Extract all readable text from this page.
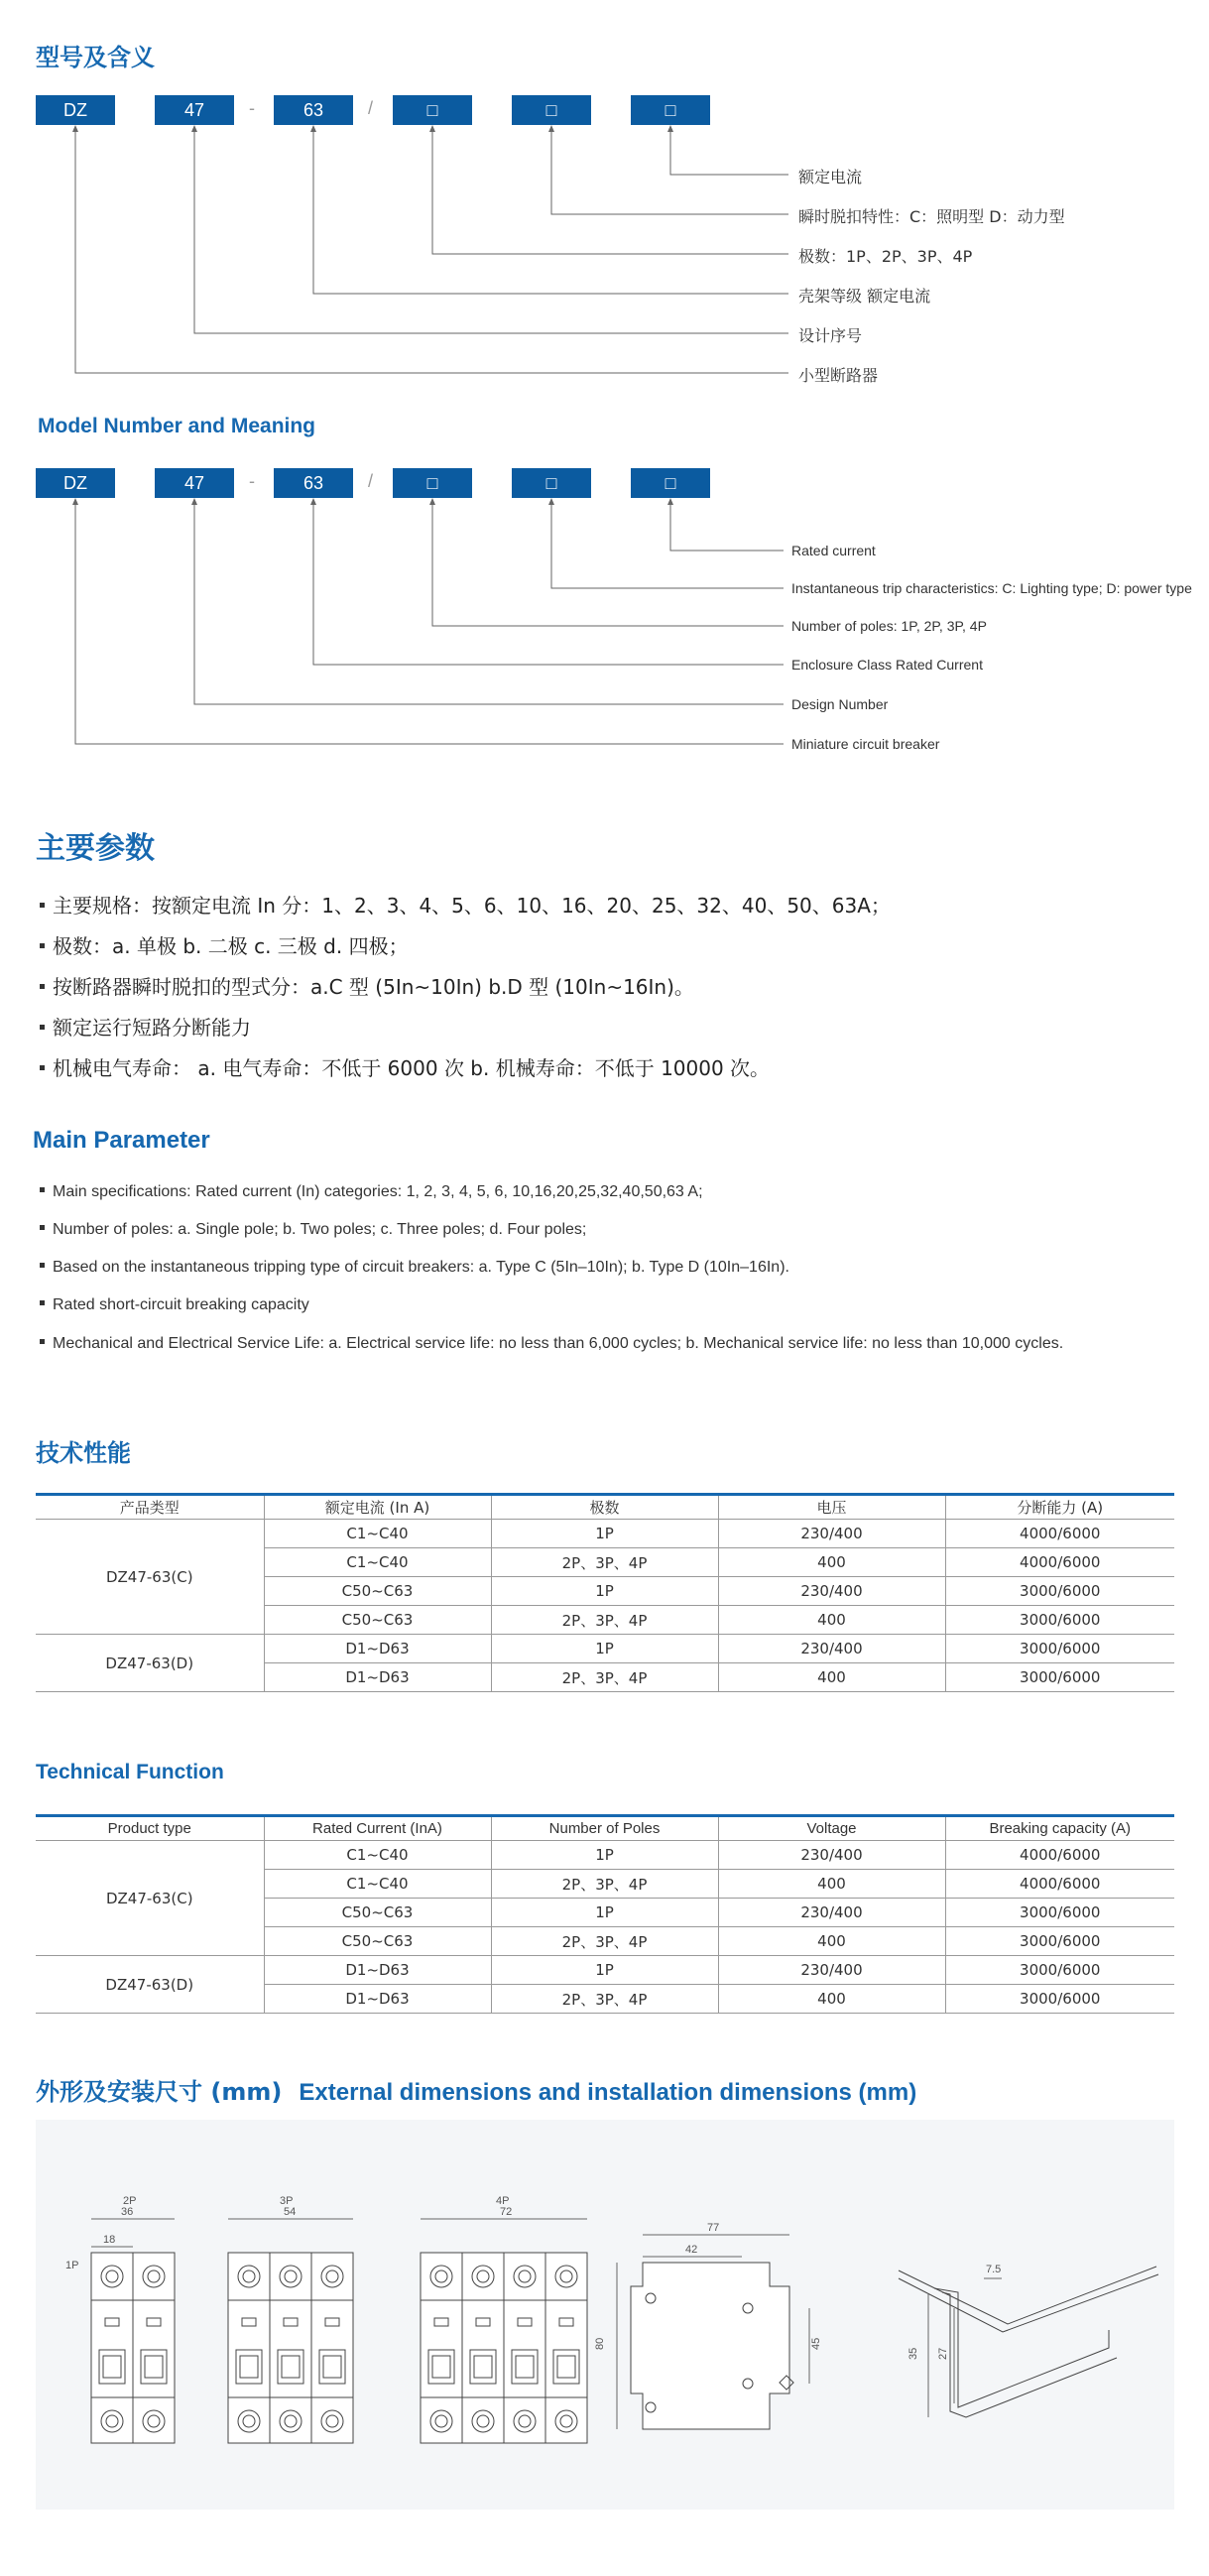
型号及含义
DZ	47	-	63	/	□	□	□
额定电流
瞬时脱扣特性：C：照明型 D：动力型
极数：1P、2P、3P、4P
壳架等级 额定电流
设计序号
小型断路器
Model Number and Meaning
DZ	47	-	63	/	□	□	□
Rated current
Instantaneous trip characteristics: C: Lighting type; D: power type
Number of poles: 1P, 2P, 3P, 4P
Enclosure Class Rated Current
Design Number
Miniature circuit breaker
主要参数
主要规格：按额定电流 In 分：1、2、3、4、5、6、10、16、20、25、32、40、50、63A；
极数：a. 单极 b. 二极 c. 三极 d. 四极；
按断路器瞬时脱扣的型式分：a.C 型 (5In~10In) b.D 型 (10In~16In)。
额定运行短路分断能力
机械电气寿命： a. 电气寿命：不低于 6000 次 b. 机械寿命：不低于 10000 次。
Main Parameter
Main specifications: Rated current (In) categories: 1, 2, 3, 4, 5, 6, 10,16,20,25,32,40,50,63 A;
Number of poles: a. Single pole; b. Two poles; c. Three poles; d. Four poles;
Based on the instantaneous tripping type of circuit breakers: a. Type C (5In–10In); b. Type D (10In–16In).
Rated short-circuit breaking capacity
Mechanical and Electrical Service Life: a. Electrical service life: no less than 6,000 cycles; b. Mechanical service life: no less than 10,000 cycles.
技术性能
产品类型	额定电流 (In A)	极数	电压	分断能力 (A)
DZ47-63(C)	C1~C40	1P	230/400	4000/6000
	C1~C40	2P、3P、4P	400	4000/6000
	C50~C63	1P	230/400	3000/6000
	C50~C63	2P、3P、4P	400	3000/6000
DZ47-63(D)	D1~D63	1P	230/400	3000/6000
	D1~D63	2P、3P、4P	400	3000/6000
Technical Function
Product type	Rated Current (InA)	Number of Poles	Voltage	Breaking capacity (A)
DZ47-63(C)	C1~C40	1P	230/400	4000/6000
	C1~C40	2P、3P、4P	400	4000/6000
	C50~C63	1P	230/400	3000/6000
	C50~C63	2P、3P、4P	400	3000/6000
DZ47-63(D)	D1~D63	1P	230/400	3000/6000
	D1~D63	2P、3P、4P	400	3000/6000
外形及安装尺寸 (mm) External dimensions and installation dimensions (mm)
1P
2P
36
18
3P
54
4P
72
77
42
80	45
7.5
35 27
